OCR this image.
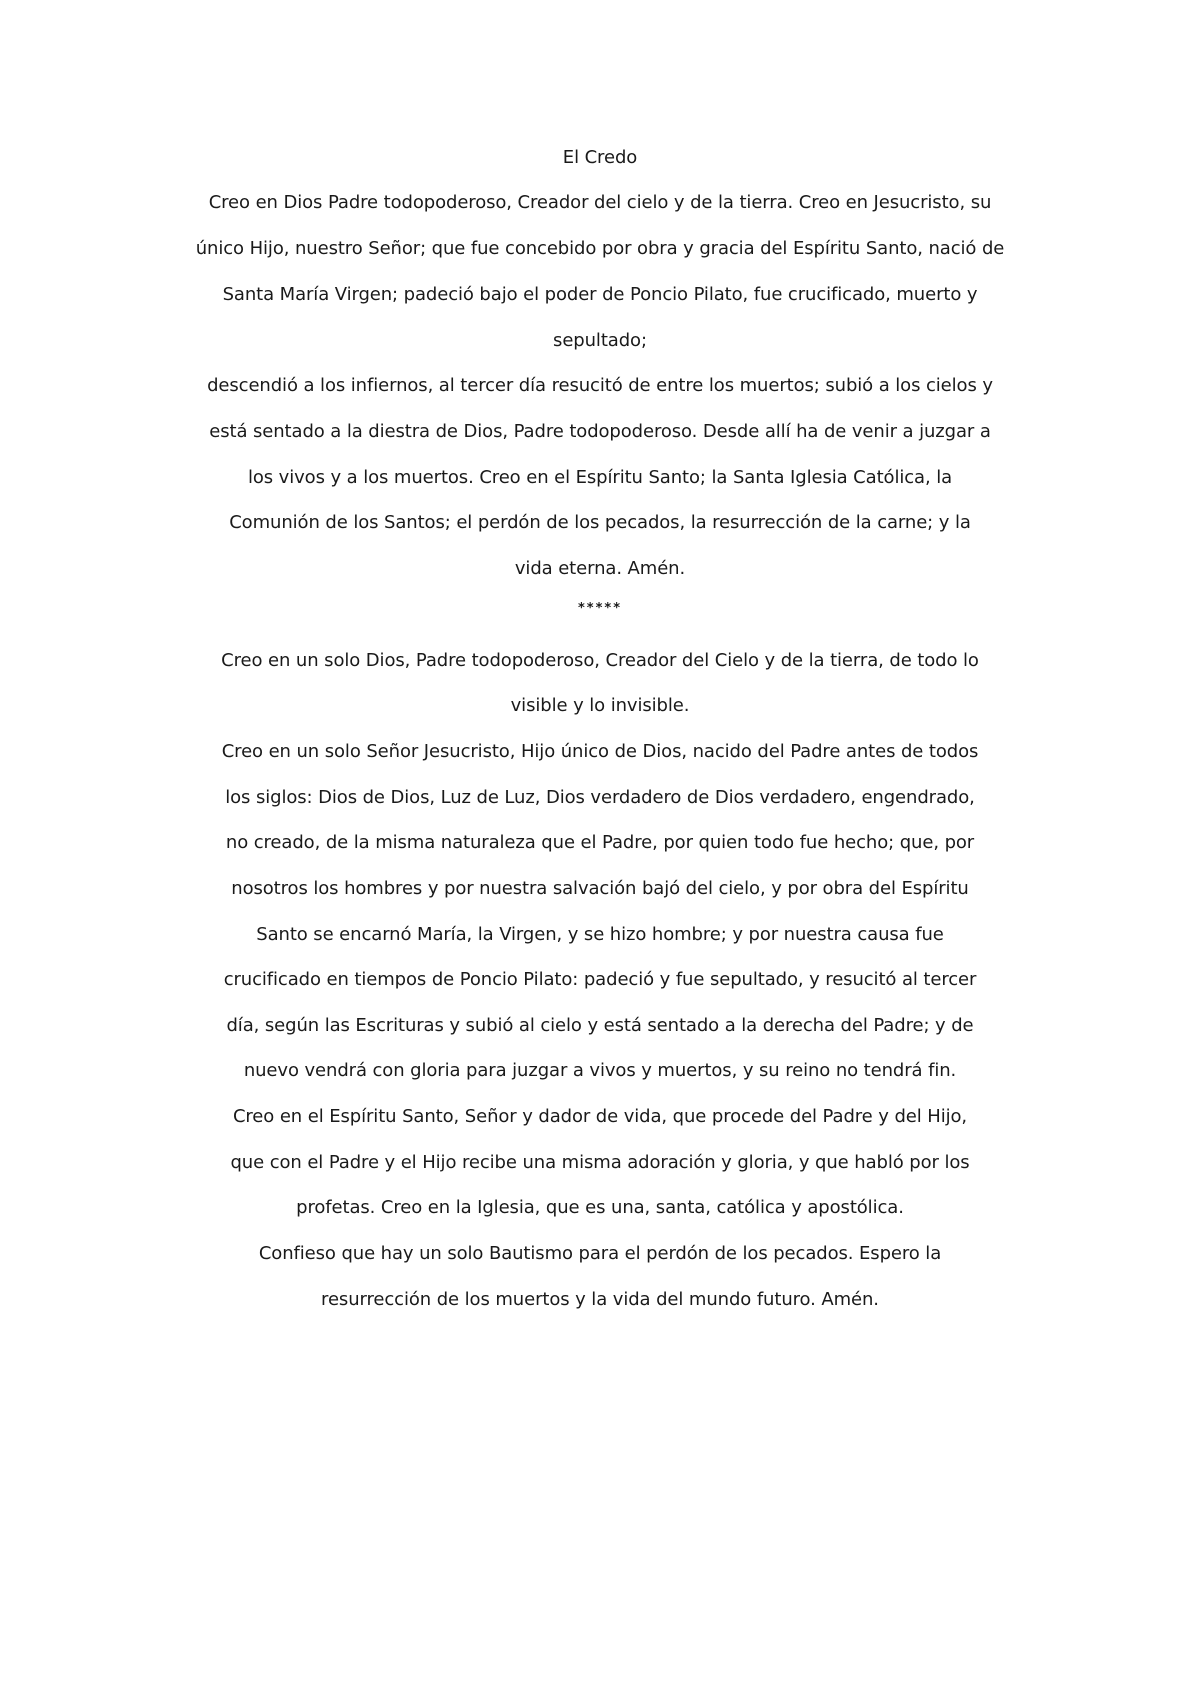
El Credo
Creo en Dios Padre todopoderoso, Creador del cielo y de la tierra. Creo en Jesucristo, su
único Hijo, nuestro Señor; que fue concebido por obra y gracia del Espíritu Santo, nació de
Santa María Virgen; padeció bajo el poder de Poncio Pilato, fue crucificado, muerto y
sepultado;
descendió a los infiernos, al tercer día resucitó de entre los muertos; subió a los cielos y
está sentado a la diestra de Dios, Padre todopoderoso. Desde allí ha de venir a juzgar a
los vivos y a los muertos. Creo en el Espíritu Santo; la Santa Iglesia Católica, la
Comunión de los Santos; el perdón de los pecados, la resurrección de la carne; y la
vida eterna. Amén.
*****
Creo en un solo Dios, Padre todopoderoso, Creador del Cielo y de la tierra, de todo lo
visible y lo invisible.
Creo en un solo Señor Jesucristo, Hijo único de Dios, nacido del Padre antes de todos
los siglos: Dios de Dios, Luz de Luz, Dios verdadero de Dios verdadero, engendrado,
no creado, de la misma naturaleza que el Padre, por quien todo fue hecho; que, por
nosotros los hombres y por nuestra salvación bajó del cielo, y por obra del Espíritu
Santo se encarnó María, la Virgen, y se hizo hombre; y por nuestra causa fue
crucificado en tiempos de Poncio Pilato: padeció y fue sepultado, y resucitó al tercer
día, según las Escrituras y subió al cielo y está sentado a la derecha del Padre; y de
nuevo vendrá con gloria para juzgar a vivos y muertos, y su reino no tendrá fin.
Creo en el Espíritu Santo, Señor y dador de vida, que procede del Padre y del Hijo,
que con el Padre y el Hijo recibe una misma adoración y gloria, y que habló por los
profetas. Creo en la Iglesia, que es una, santa, católica y apostólica.
Confieso que hay un solo Bautismo para el perdón de los pecados. Espero la
resurrección de los muertos y la vida del mundo futuro. Amén.
